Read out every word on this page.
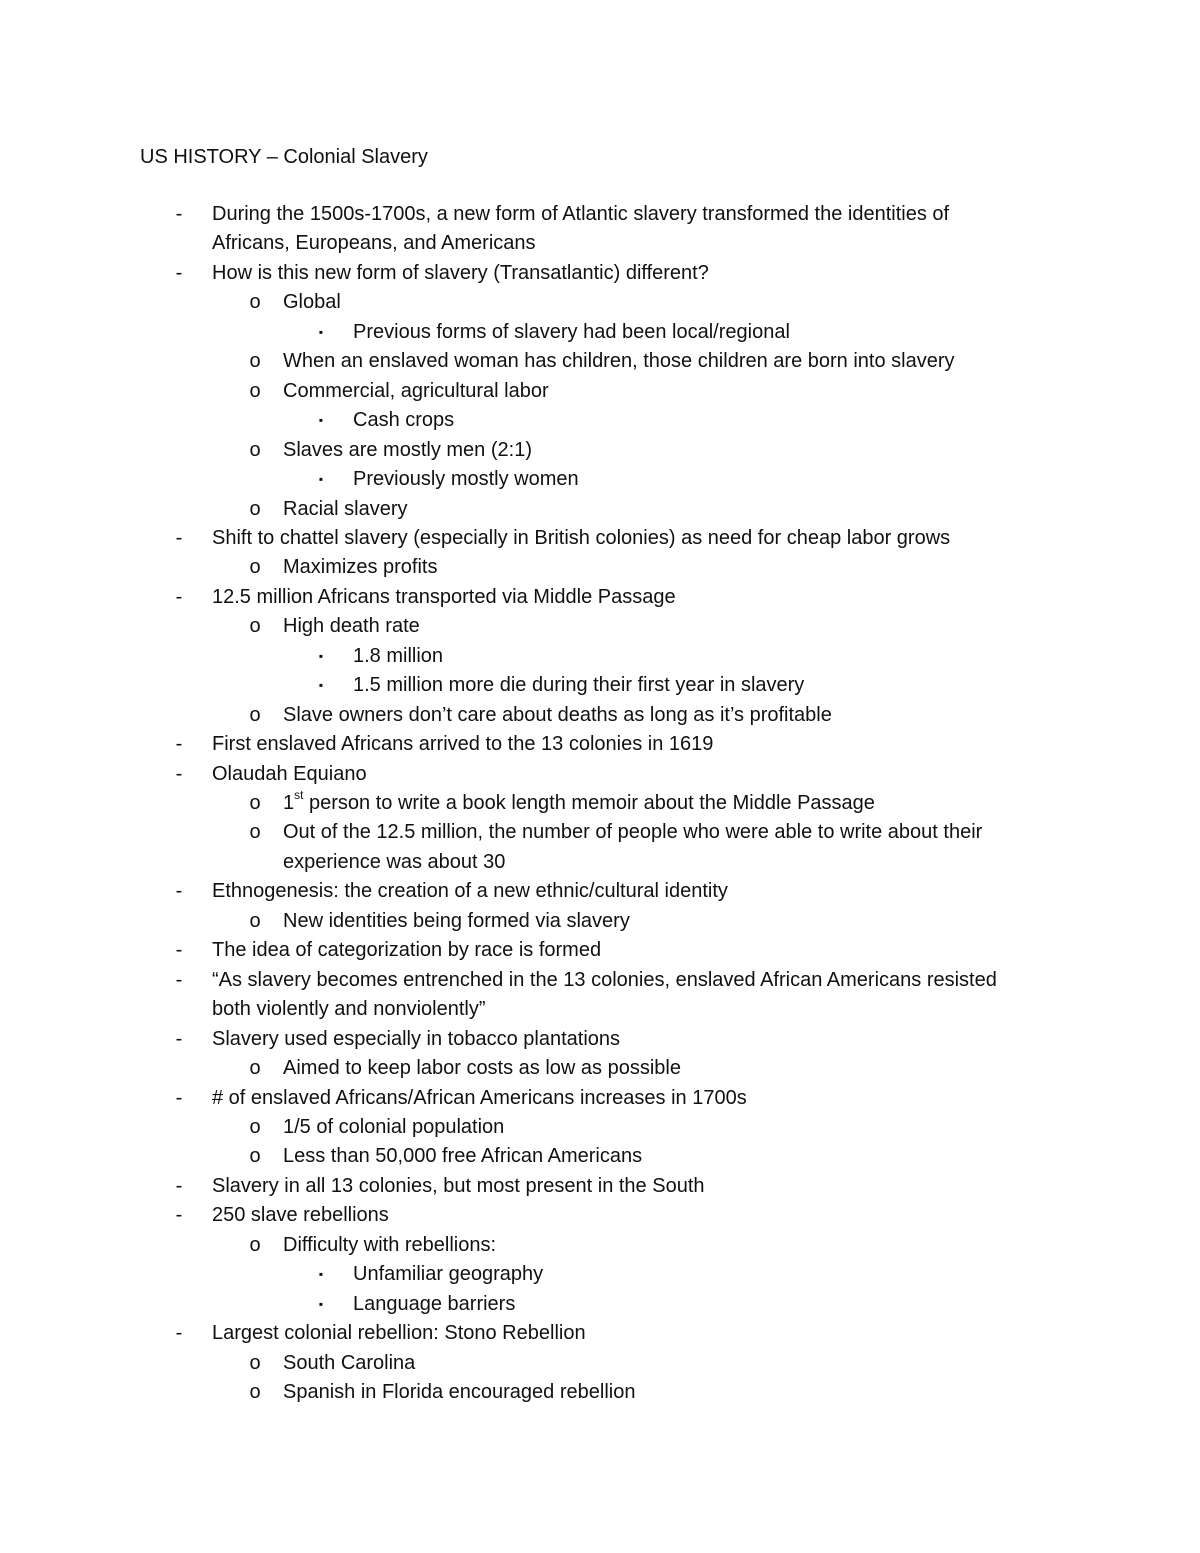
US HISTORY – Colonial Slavery
- During the 1500s-1700s, a new form of Atlantic slavery transformed the identities of
Africans, Europeans, and Americans
- How is this new form of slavery (Transatlantic) different?
o Global
▪ Previous forms of slavery had been local/regional
o When an enslaved woman has children, those children are born into slavery
o Commercial, agricultural labor
▪ Cash crops
o Slaves are mostly men (2:1)
▪ Previously mostly women
o Racial slavery
- Shift to chattel slavery (especially in British colonies) as need for cheap labor grows
o Maximizes profits
- 12.5 million Africans transported via Middle Passage
o High death rate
▪ 1.8 million
▪ 1.5 million more die during their first year in slavery
o Slave owners don’t care about deaths as long as it’s profitable
- First enslaved Africans arrived to the 13 colonies in 1619
- Olaudah Equiano
o 1st person to write a book length memoir about the Middle Passage
o Out of the 12.5 million, the number of people who were able to write about their
experience was about 30
- Ethnogenesis: the creation of a new ethnic/cultural identity
o New identities being formed via slavery
- The idea of categorization by race is formed
- “As slavery becomes entrenched in the 13 colonies, enslaved African Americans resisted
both violently and nonviolently”
- Slavery used especially in tobacco plantations
o Aimed to keep labor costs as low as possible
- # of enslaved Africans/African Americans increases in 1700s
o 1/5 of colonial population
o Less than 50,000 free African Americans
- Slavery in all 13 colonies, but most present in the South
- 250 slave rebellions
o Difficulty with rebellions:
▪ Unfamiliar geography
▪ Language barriers
- Largest colonial rebellion: Stono Rebellion
o South Carolina
o Spanish in Florida encouraged rebellion
